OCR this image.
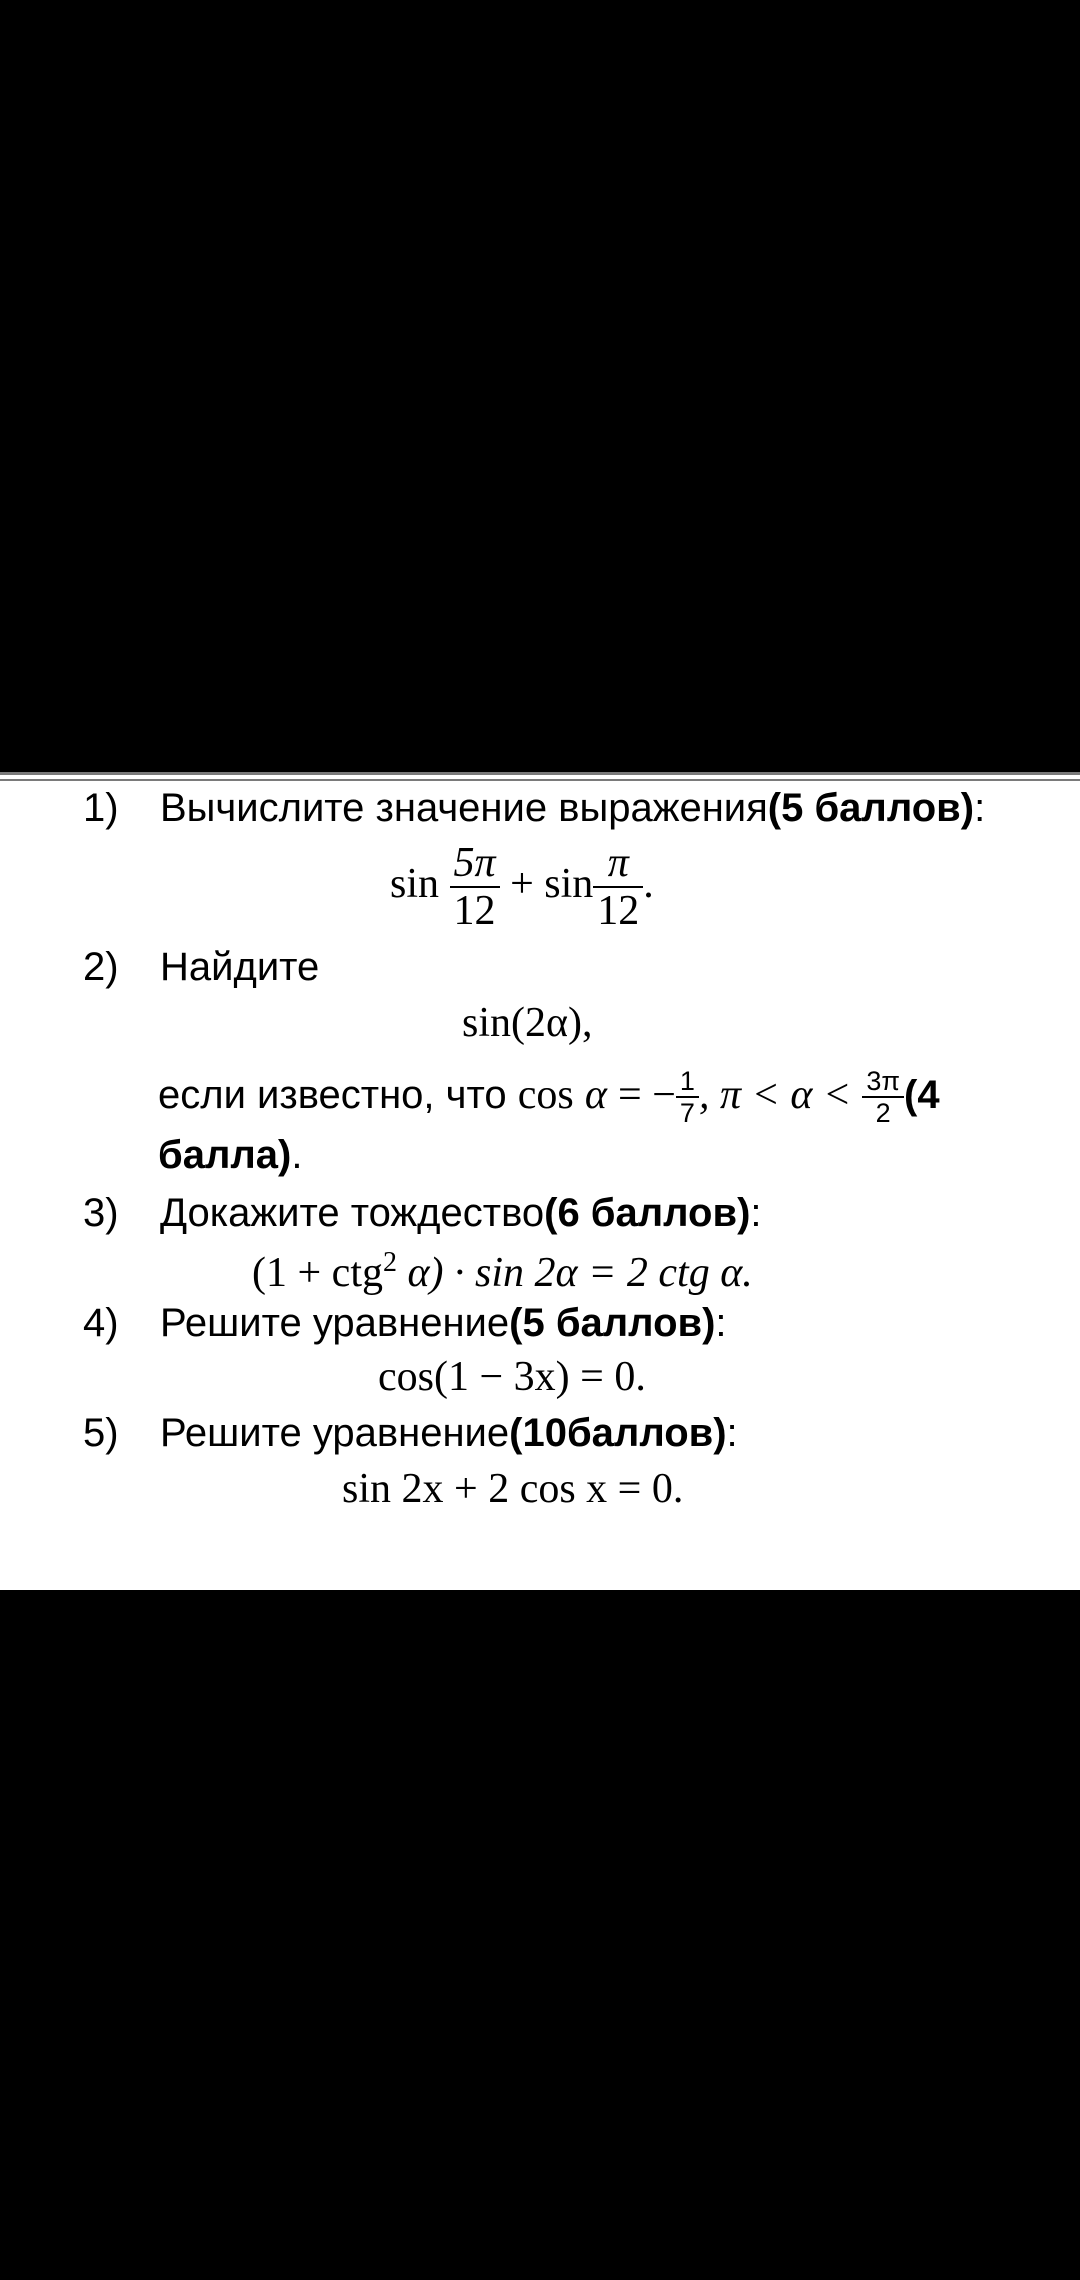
1) Вычислите значение выражения(5 баллов):
$\sin \frac{5\pi}{12} + \sin \frac{\pi}{12}$ .
2) Найдите
sin(2α),
если известно, что cos α = − $\frac{1}{7}$ , $\pi < \alpha < \frac{3\pi}{2} (4$
балла).
3) Докажите тождество(6 баллов):
(1 + ctg$^2$ α) · sin 2α = 2 ctg α.
4) Решите уравнение(5 баллов):
cos(1 − 3x) = 0.
5) Решите уравнение(10баллов):
sin 2x + 2 cos x = 0.
